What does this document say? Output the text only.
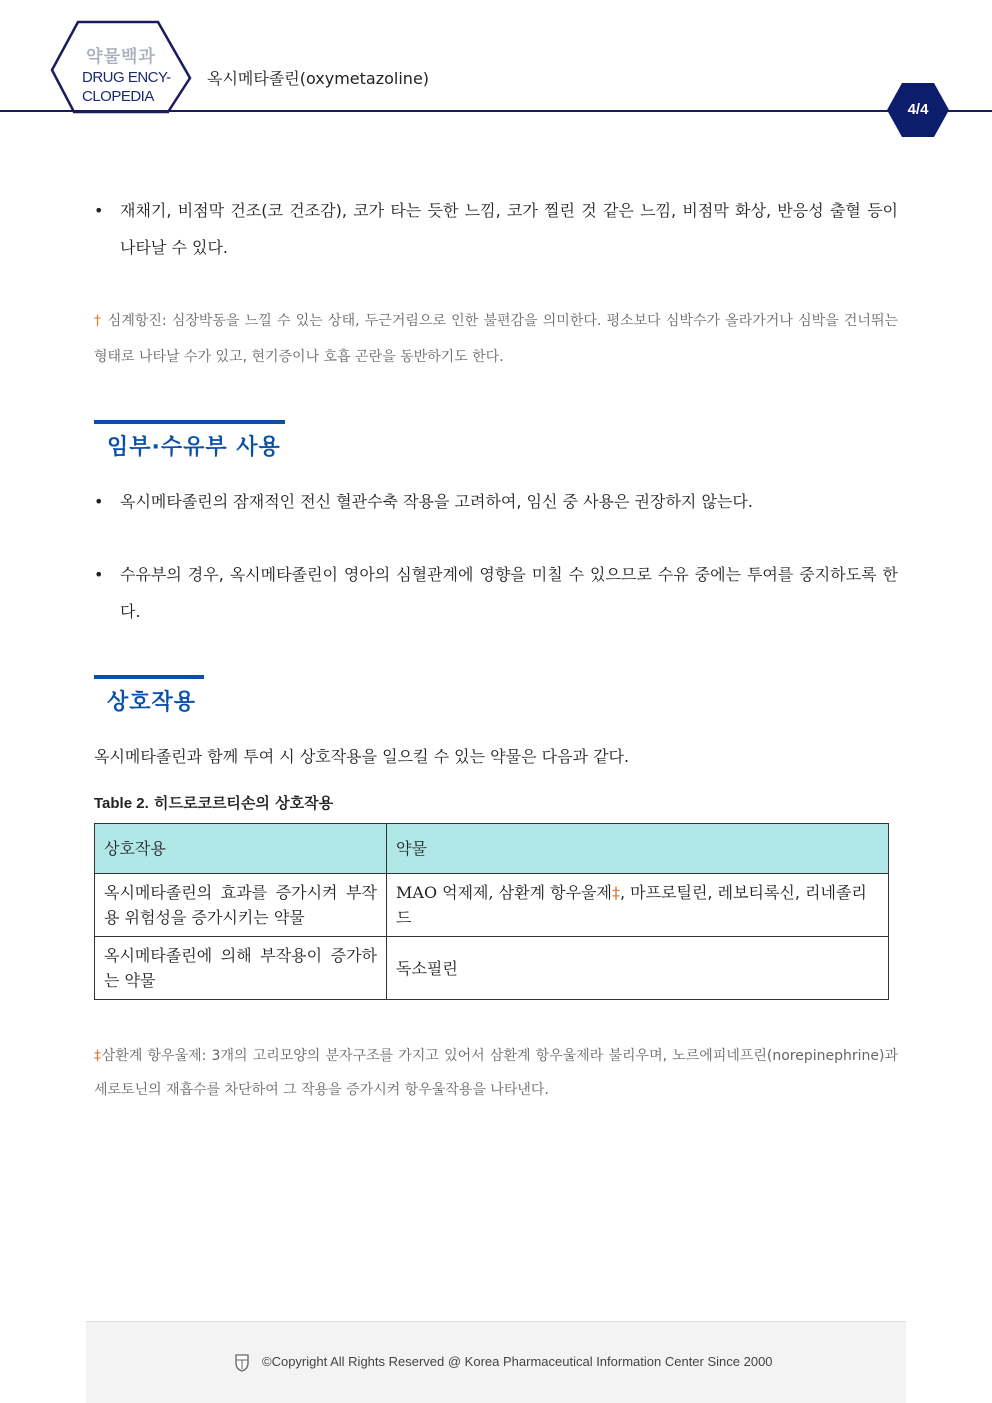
약물백과
DRUG ENCY-
CLOPEDIA
옥시메타졸린(oxymetazoline)
4/4
•	재채기, 비점막 건조(코 건조감), 코가 타는 듯한 느낌, 코가 찔린 것 같은 느낌, 비점막 화상, 반응성 출혈 등이 나타날 수 있다.
† 심계항진: 심장박동을 느낄 수 있는 상태, 두근거림으로 인한 불편감을 의미한다. 평소보다 심박수가 올라가거나 심박을 건너뛰는 형태로 나타날 수가 있고, 현기증이나 호흡 곤란을 동반하기도 한다.
임부·수유부 사용
•	옥시메타졸린의 잠재적인 전신 혈관수축 작용을 고려하여, 임신 중 사용은 권장하지 않는다.
•	수유부의 경우, 옥시메타졸린이 영아의 심혈관계에 영향을 미칠 수 있으므로 수유 중에는 투여를 중지하도록 한다.
상호작용
옥시메타졸린과 함께 투여 시 상호작용을 일으킬 수 있는 약물은 다음과 같다.
Table 2. 히드로코르티손의 상호작용
상호작용	약물
옥시메타졸린의 효과를 증가시켜 부작용 위험성을 증가시키는 약물	MAO 억제제, 삼환계 항우울제‡, 마프로틸린, 레보티록신, 리네졸리드
옥시메타졸린에 의해 부작용이 증가하는 약물	독소필린
‡삼환계 항우울제: 3개의 고리모양의 분자구조를 가지고 있어서 삼환계 항우울제라 불리우며, 노르에피네프린(norepinephrine)과 세로토닌의 재흡수를 차단하여 그 작용을 증가시켜 항우울작용을 나타낸다.
©Copyright All Rights Reserved @ Korea Pharmaceutical Information Center Since 2000
